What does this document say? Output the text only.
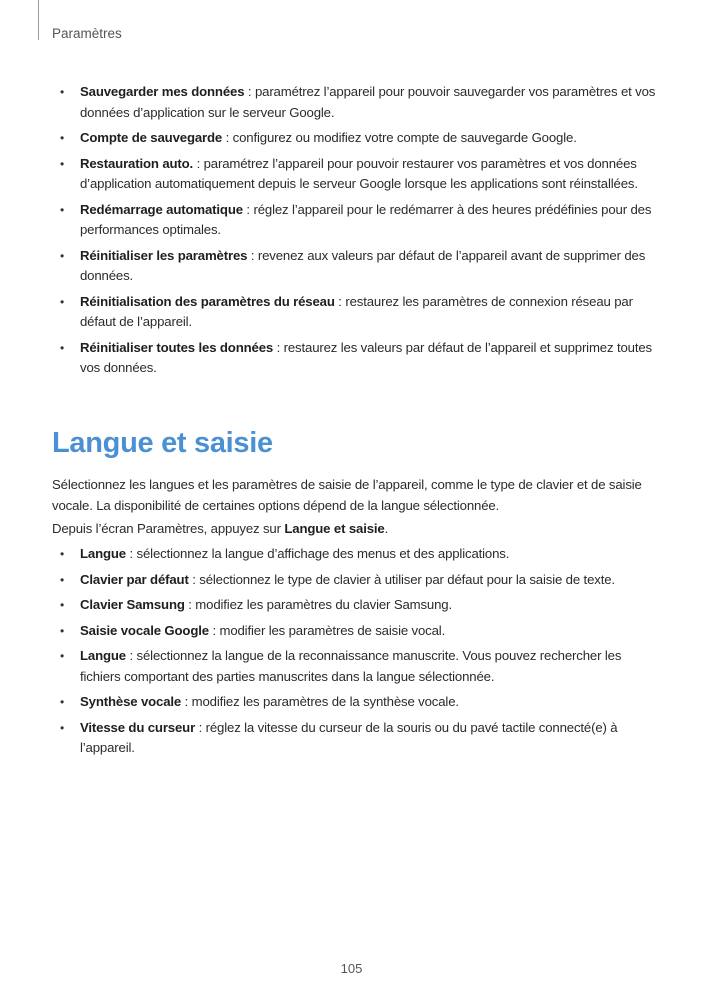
Paramètres
• Sauvegarder mes données : paramétrez l’appareil pour pouvoir sauvegarder vos paramètres et vos données d’application sur le serveur Google.
• Compte de sauvegarde : configurez ou modifiez votre compte de sauvegarde Google.
• Restauration auto. : paramétrez l’appareil pour pouvoir restaurer vos paramètres et vos données d’application automatiquement depuis le serveur Google lorsque les applications sont réinstallées.
• Redémarrage automatique : réglez l’appareil pour le redémarrer à des heures prédéfinies pour des performances optimales.
• Réinitialiser les paramètres : revenez aux valeurs par défaut de l’appareil avant de supprimer des données.
• Réinitialisation des paramètres du réseau : restaurez les paramètres de connexion réseau par défaut de l’appareil.
• Réinitialiser toutes les données : restaurez les valeurs par défaut de l’appareil et supprimez toutes vos données.
Langue et saisie

Sélectionnez les langues et les paramètres de saisie de l’appareil, comme le type de clavier et de saisie vocale. La disponibilité de certaines options dépend de la langue sélectionnée.

Depuis l’écran Paramètres, appuyez sur Langue et saisie.

• Langue : sélectionnez la langue d’affichage des menus et des applications.
• Clavier par défaut : sélectionnez le type de clavier à utiliser par défaut pour la saisie de texte.
• Clavier Samsung : modifiez les paramètres du clavier Samsung.
• Saisie vocale Google : modifier les paramètres de saisie vocal.
• Langue : sélectionnez la langue de la reconnaissance manuscrite. Vous pouvez rechercher les fichiers comportant des parties manuscrites dans la langue sélectionnée.
• Synthèse vocale : modifiez les paramètres de la synthèse vocale.
• Vitesse du curseur : réglez la vitesse du curseur de la souris ou du pavé tactile connecté(e) à l’appareil.
105
